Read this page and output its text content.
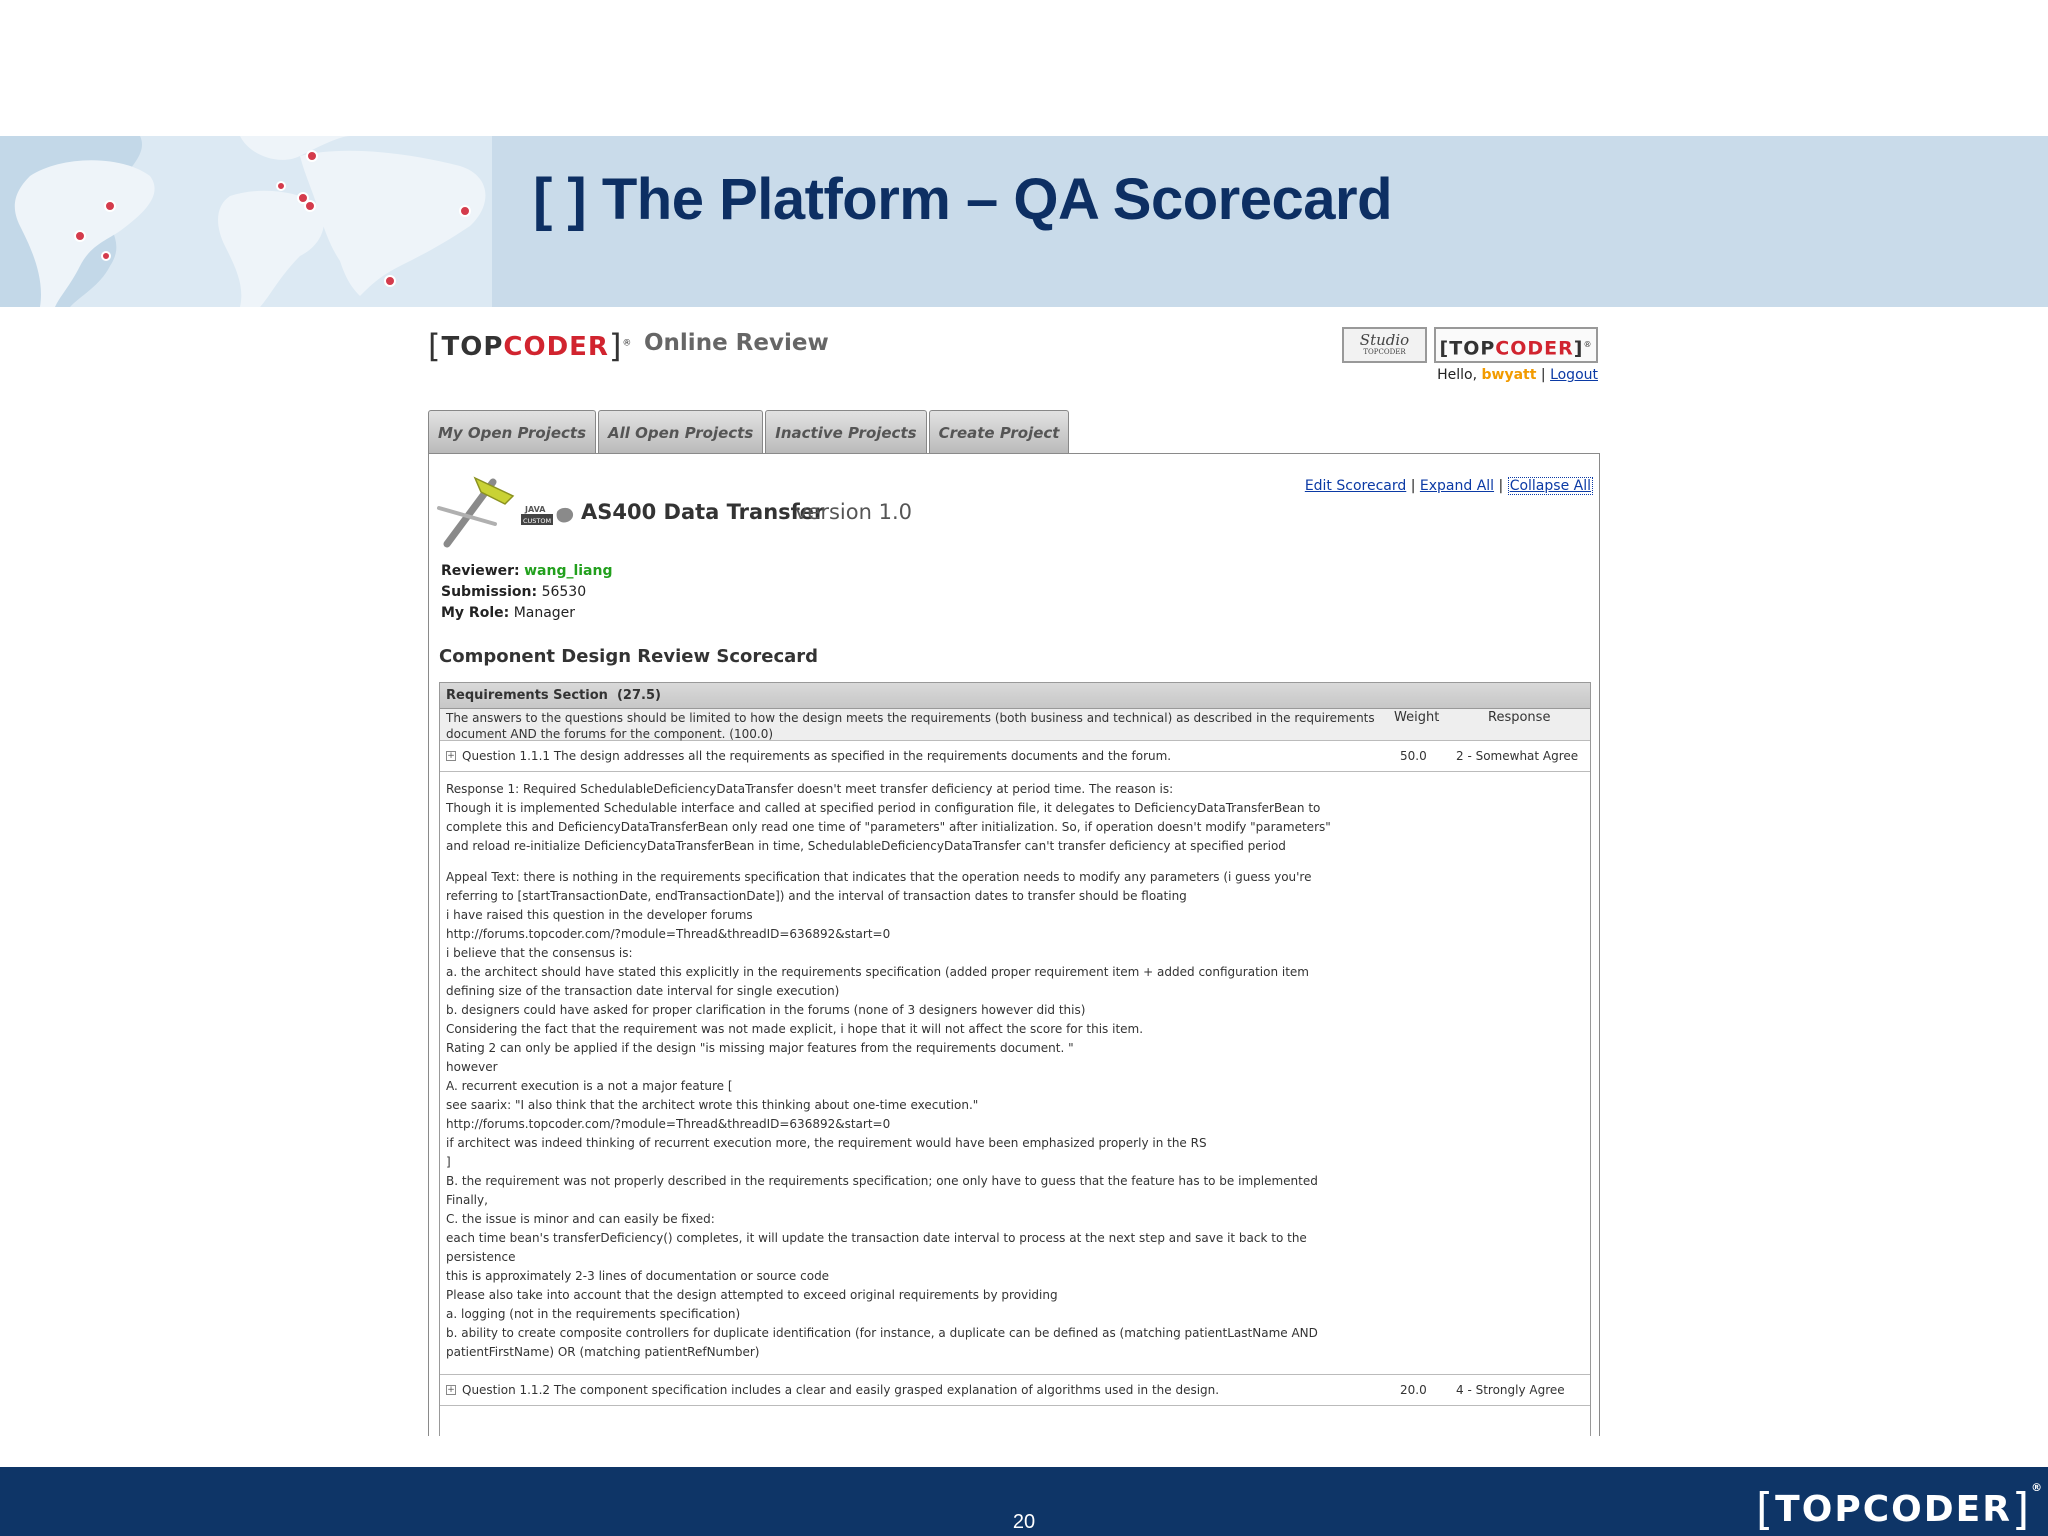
[ ] The Platform – QA Scorecard
[TOPCODER]® Online Review	Studio
TOPCODER	[TOPCODER]®
Hello, bwyatt | Logout
My Open Projects	All Open Projects	Inactive Projects	Create Project
Edit Scorecard | Expand All | Collapse All
JAVA
CUSTOM AS400 Data Transfer
version 1.0
Reviewer: wang_liang
Submission: 56530
My Role: Manager
Component Design Review Scorecard
Requirements Section (27.5)
The answers to the questions should be limited to how the design meets the requirements (both business and technical) as described in the requirements document AND the forums for the component. (100.0)
Weight	Response
+ Question 1.1.1 The design addresses all the requirements as specified in the requirements documents and the forum.	50.0 2 - Somewhat Agree

Response 1: Required SchedulableDeficiencyDataTransfer doesn't meet transfer deficiency at period time. The reason is:

Though it is implemented Schedulable interface and called at specified period in configuration file, it delegates to DeficiencyDataTransferBean to

complete this and DeficiencyDataTransferBean only read one time of "parameters" after initialization. So, if operation doesn't modify "parameters"

and reload re-initialize DeficiencyDataTransferBean in time, SchedulableDeficiencyDataTransfer can't transfer deficiency at specified period

Appeal Text: there is nothing in the requirements specification that indicates that the operation needs to modify any parameters (i guess you're

referring to [startTransactionDate, endTransactionDate]) and the interval of transaction dates to transfer should be floating

i have raised this question in the developer forums

http://forums.topcoder.com/?module=Thread&threadID=636892&start=0

i believe that the consensus is:

a. the architect should have stated this explicitly in the requirements specification (added proper requirement item + added configuration item

defining size of the transaction date interval for single execution)

b. designers could have asked for proper clarification in the forums (none of 3 designers however did this)

Considering the fact that the requirement was not made explicit, i hope that it will not affect the score for this item.

Rating 2 can only be applied if the design "is missing major features from the requirements document. "

however

A. recurrent execution is a not a major feature [

see saarix: "I also think that the architect wrote this thinking about one-time execution."

http://forums.topcoder.com/?module=Thread&threadID=636892&start=0

if architect was indeed thinking of recurrent execution more, the requirement would have been emphasized properly in the RS

]

B. the requirement was not properly described in the requirements specification; one only have to guess that the feature has to be implemented

Finally,

C. the issue is minor and can easily be fixed:

each time bean's transferDeficiency() completes, it will update the transaction date interval to process at the next step and save it back to the

persistence

this is approximately 2-3 lines of documentation or source code

Please also take into account that the design attempted to exceed original requirements by providing

a. logging (not in the requirements specification)

b. ability to create composite controllers for duplicate identification (for instance, a duplicate can be defined as (matching patientLastName AND

patientFirstName) OR (matching patientRefNumber)

+ Question 1.1.2 The component specification includes a clear and easily grasped explanation of algorithms used in the design.	20.0 4 - Strongly Agree
20	[TOPCODER]®
